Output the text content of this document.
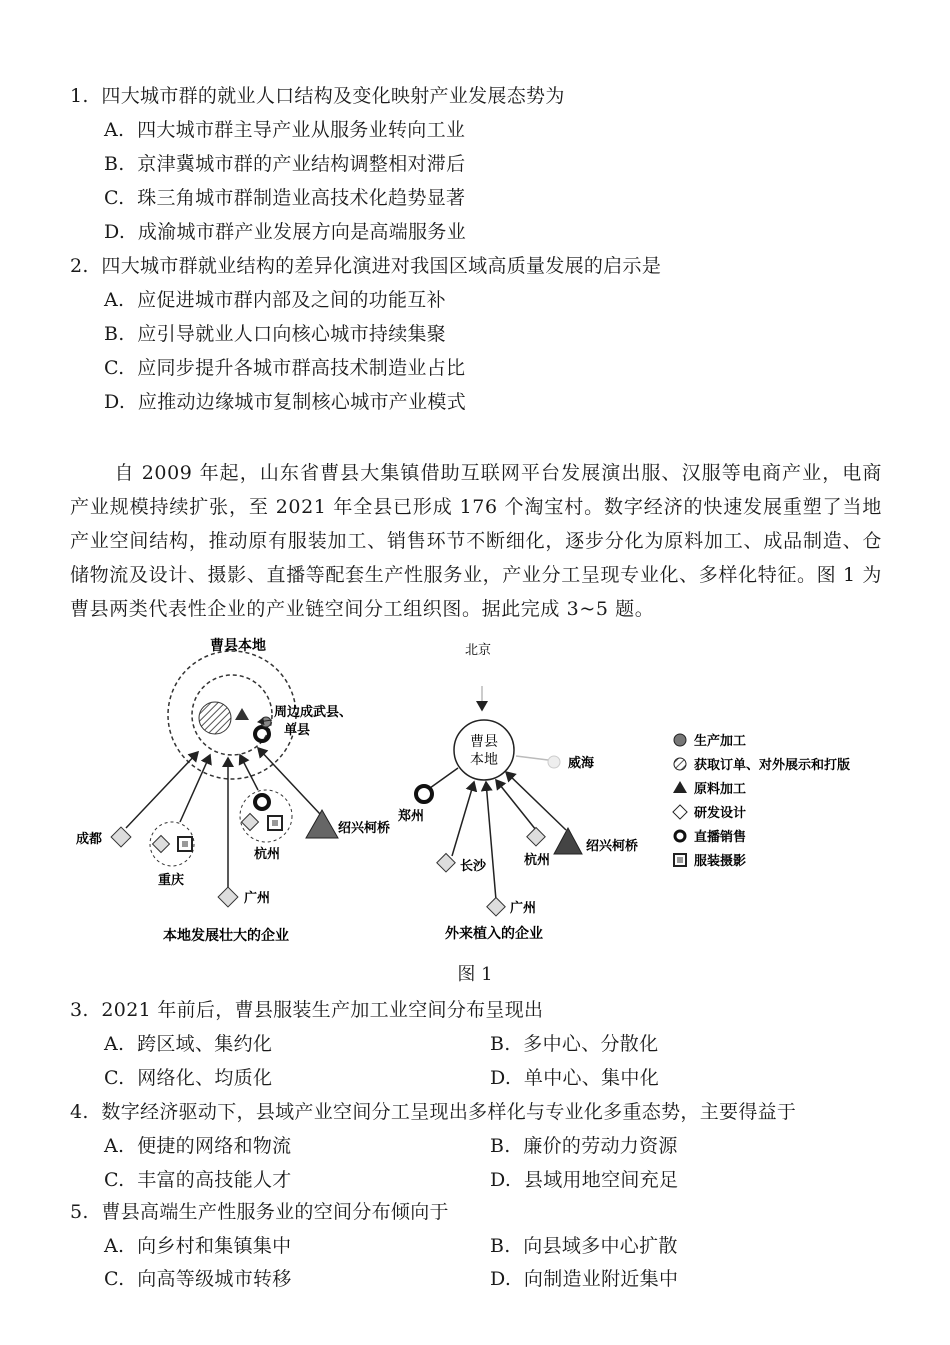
1. 四大城市群的就业人口结构及变化映射产业发展态势为
A. 四大城市群主导产业从服务业转向工业
B. 京津冀城市群的产业结构调整相对滞后
C. 珠三角城市群制造业高技术化趋势显著
D. 成渝城市群产业发展方向是高端服务业
2. 四大城市群就业结构的差异化演进对我国区域高质量发展的启示是
A. 应促进城市群内部及之间的功能互补
B. 应引导就业人口向核心城市持续集聚
C. 应同步提升各城市群高技术制造业占比
D. 应推动边缘城市复制核心城市产业模式
自 2009 年起，山东省曹县大集镇借助互联网平台发展演出服、汉服等电商产业，电商产业规模持续扩张，至 2021 年全县已形成 176 个淘宝村。数字经济的快速发展重塑了当地产业空间结构，推动原有服装加工、销售环节不断细化，逐步分化为原料加工、成品制造、仓储物流及设计、摄影、直播等配套生产性服务业，产业分工呈现专业化、多样化特征。图 1 为曹县两类代表性企业的产业链空间分工组织图。据此完成 3~5 题。
曹县本地
周边成武县、
单县
成都
重庆
杭州
广州
绍兴柯桥
本地发展壮大的企业
北京
曹县
本地	威海
郑州
长沙	杭州
广州
绍兴柯桥
外来植入的企业
生产加工
获取订单、对外展示和打版
原料加工
研发设计
直播销售
服装摄影
图 1
3. 2021 年前后，曹县服装生产加工业空间分布呈现出
A. 跨区域、集约化	B. 多中心、分散化
C. 网络化、均质化	D. 单中心、集中化
4. 数字经济驱动下，县域产业空间分工呈现出多样化与专业化多重态势，主要得益于
A. 便捷的网络和物流	B. 廉价的劳动力资源
C. 丰富的高技能人才	D. 县域用地空间充足
5. 曹县高端生产性服务业的空间分布倾向于
A. 向乡村和集镇集中	B. 向县域多中心扩散
C. 向高等级城市转移	D. 向制造业附近集中
